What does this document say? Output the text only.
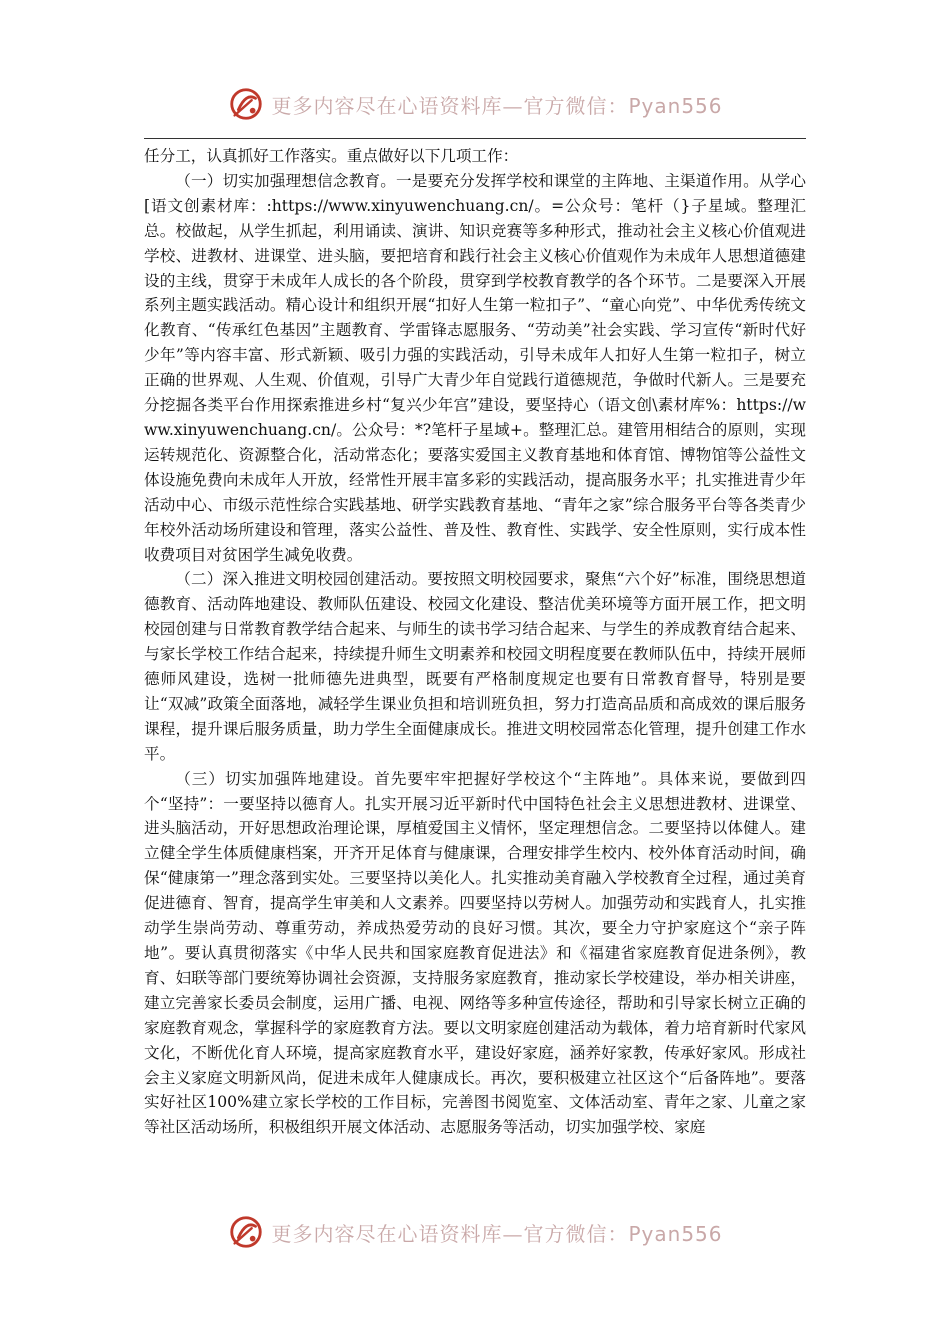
更多内容尽在心语资料库—官方微信：Pyan556

任分工，认真抓好工作落实。重点做好以下几项工作：

（一）切实加强理想信念教育。一是要充分发挥学校和课堂的主阵地、主渠道作用。从学心[语文创素材库：:https://www.xinyuwenchuang.cn/。=公众号：笔杆（}子星域。整理汇总。校做起，从学生抓起，利用诵读、演讲、知识竞赛等多种形式，推动社会主义核心价值观进学校、进教材、进课堂、进头脑，要把培育和践行社会主义核心价值观作为未成年人思想道德建设的主线，贯穿于未成年人成长的各个阶段，贯穿到学校教育教学的各个环节。二是要深入开展系列主题实践活动。精心设计和组织开展“扣好人生第一粒扣子”、“童心向党”、中华优秀传统文化教育、“传承红色基因”主题教育、学雷锋志愿服务、“劳动美”社会实践、学习宣传“新时代好少年”等内容丰富、形式新颖、吸引力强的实践活动，引导未成年人扣好人生第一粒扣子，树立正确的世界观、人生观、价值观，引导广大青少年自觉践行道德规范，争做时代新人。三是要充分挖掘各类平台作用探索推进乡村“复兴少年宫”建设，要坚持心（语文创\素材库%：https://www.xinyuwenchuang.cn/。公众号：*?笔杆子星域+。整理汇总。建管用相结合的原则，实现运转规范化、资源整合化，活动常态化；要落实爱国主义教育基地和体育馆、博物馆等公益性文体设施免费向未成年人开放，经常性开展丰富多彩的实践活动，提高服务水平；扎实推进青少年活动中心、市级示范性综合实践基地、研学实践教育基地、“青年之家”综合服务平台等各类青少年校外活动场所建设和管理，落实公益性、普及性、教育性、实践学、安全性原则，实行成本性收费项目对贫困学生减免收费。

（二）深入推进文明校园创建活动。要按照文明校园要求，聚焦“六个好”标准，围绕思想道德教育、活动阵地建设、教师队伍建设、校园文化建设、整洁优美环境等方面开展工作，把文明校园创建与日常教育教学结合起来、与师生的读书学习结合起来、与学生的养成教育结合起来、与家长学校工作结合起来，持续提升师生文明素养和校园文明程度要在教师队伍中，持续开展师德师风建设，选树一批师德先进典型，既要有严格制度规定也要有日常教育督导，特别是要让“双减”政策全面落地，减轻学生课业负担和培训班负担，努力打造高品质和高成效的课后服务课程，提升课后服务质量，助力学生全面健康成长。推进文明校园常态化管理，提升创建工作水平。

（三）切实加强阵地建设。首先要牢牢把握好学校这个“主阵地”。具体来说，要做到四个“坚持”：一要坚持以德育人。扎实开展习近平新时代中国特色社会主义思想进教材、进课堂、进头脑活动，开好思想政治理论课，厚植爱国主义情怀，坚定理想信念。二要坚持以体健人。建立健全学生体质健康档案，开齐开足体育与健康课，合理安排学生校内、校外体育活动时间，确保“健康第一”理念落到实处。三要坚持以美化人。扎实推动美育融入学校教育全过程，通过美育促进德育、智育，提高学生审美和人文素养。四要坚持以劳树人。加强劳动和实践育人，扎实推动学生崇尚劳动、尊重劳动，养成热爱劳动的良好习惯。其次，要全力守护家庭这个“亲子阵地”。要认真贯彻落实《中华人民共和国家庭教育促进法》和《福建省家庭教育促进条例》，教育、妇联等部门要统筹协调社会资源，支持服务家庭教育，推动家长学校建设，举办相关讲座，建立完善家长委员会制度，运用广播、电视、网络等多种宣传途径，帮助和引导家长树立正确的家庭教育观念，掌握科学的家庭教育方法。要以文明家庭创建活动为载体，着力培育新时代家风文化，不断优化育人环境，提高家庭教育水平，建设好家庭，涵养好家教，传承好家风。形成社会主义家庭文明新风尚，促进未成年人健康成长。再次，要积极建立社区这个“后备阵地”。要落实好社区100%建立家长学校的工作目标，完善图书阅览室、文体活动室、青年之家、儿童之家等社区活动场所，积极组织开展文体活动、志愿服务等活动，切实加强学校、家庭

更多内容尽在心语资料库—官方微信：Pyan556
